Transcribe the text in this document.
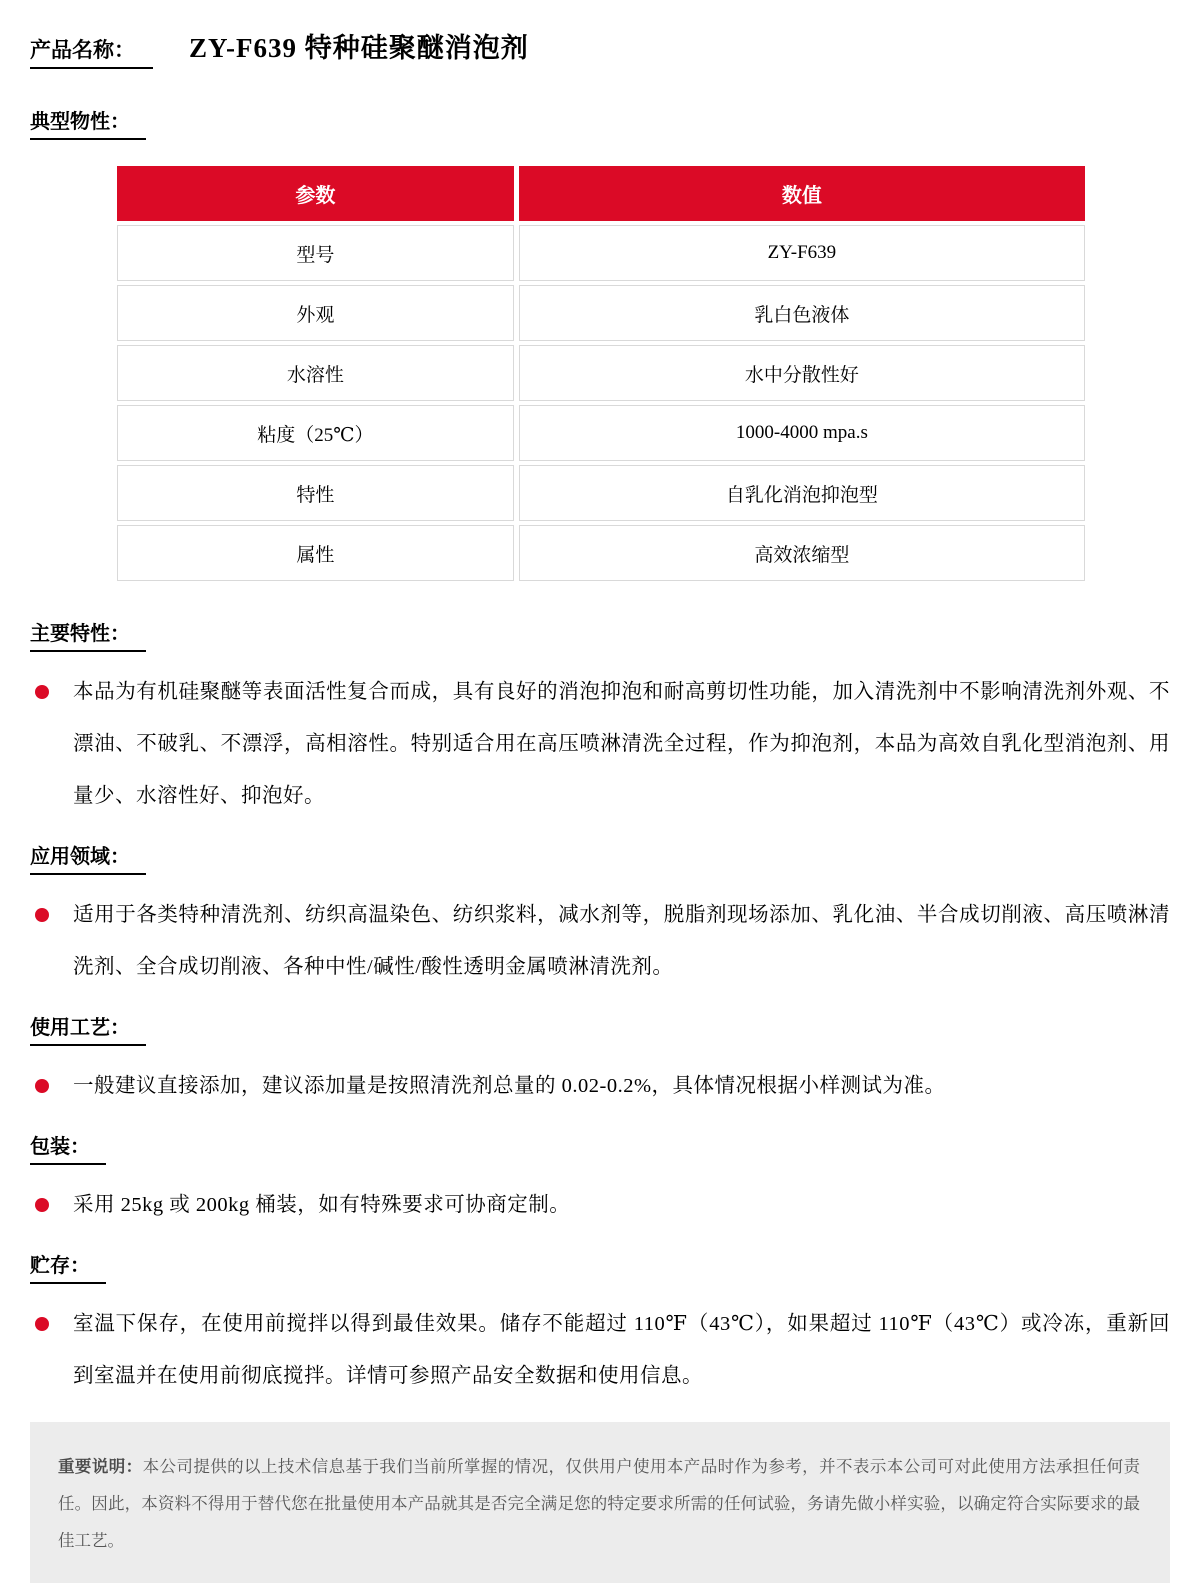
产品名称：	ZY-F639 特种硅聚醚消泡剂
典型物性：
参数	数值
型号	ZY-F639
外观	乳白色液体
水溶性	水中分散性好
粘度（25℃）	1000-4000 mpa.s
特性	自乳化消泡抑泡型
属性	高效浓缩型
主要特性：

本品为有机硅聚醚等表面活性复合而成，具有良好的消泡抑泡和耐高剪切性功能，加入清洗剂中不影响清洗剂外观、不漂油、不破乳、不漂浮，高相溶性。特别适合用在高压喷淋清洗全过程，作为抑泡剂，本品为高效自乳化型消泡剂、用量少、水溶性好、抑泡好。

应用领域：

适用于各类特种清洗剂、纺织高温染色、纺织浆料，减水剂等，脱脂剂现场添加、乳化油、半合成切削液、高压喷淋清洗剂、全合成切削液、各种中性/碱性/酸性透明金属喷淋清洗剂。

使用工艺：

一般建议直接添加，建议添加量是按照清洗剂总量的 0.02-0.2%，具体情况根据小样测试为准。

包装：

采用 25kg 或 200kg 桶装，如有特殊要求可协商定制。

贮存：

室温下保存，在使用前搅拌以得到最佳效果。储存不能超过 110℉（43℃），如果超过 110℉（43℃）或冷冻，重新回到室温并在使用前彻底搅拌。详情可参照产品安全数据和使用信息。

重要说明：本公司提供的以上技术信息基于我们当前所掌握的情况，仅供用户使用本产品时作为参考，并不表示本公司可对此使用方法承担任何责任。因此，本资料不得用于替代您在批量使用本产品就其是否完全满足您的特定要求所需的任何试验，务请先做小样实验，以确定符合实际要求的最佳工艺。
